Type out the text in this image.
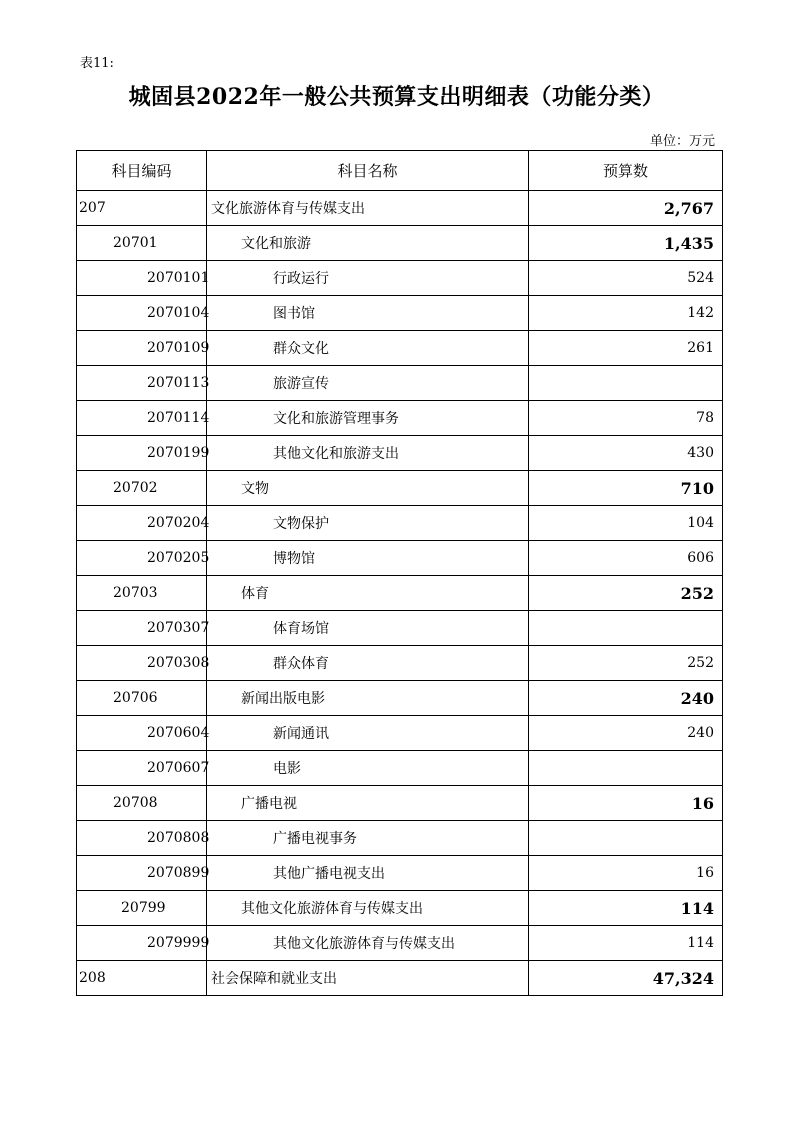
表11:
城固县2022年一般公共预算支出明细表（功能分类）
单位：万元
科目编码	科目名称	预算数
207	文化旅游体育与传媒支出	2,767
20701	文化和旅游	1,435
2070101	行政运行	524
2070104	图书馆	142
2070109	群众文化	261
2070113	旅游宣传	
2070114	文化和旅游管理事务	78
2070199	其他文化和旅游支出	430
20702	文物	710
2070204	文物保护	104
2070205	博物馆	606
20703	体育	252
2070307	体育场馆	
2070308	群众体育	252
20706	新闻出版电影	240
2070604	新闻通讯	240
2070607	电影	
20708	广播电视	16
2070808	广播电视事务	
2070899	其他广播电视支出	16
20799	其他文化旅游体育与传媒支出	114
2079999	其他文化旅游体育与传媒支出	114
208	社会保障和就业支出	47,324
